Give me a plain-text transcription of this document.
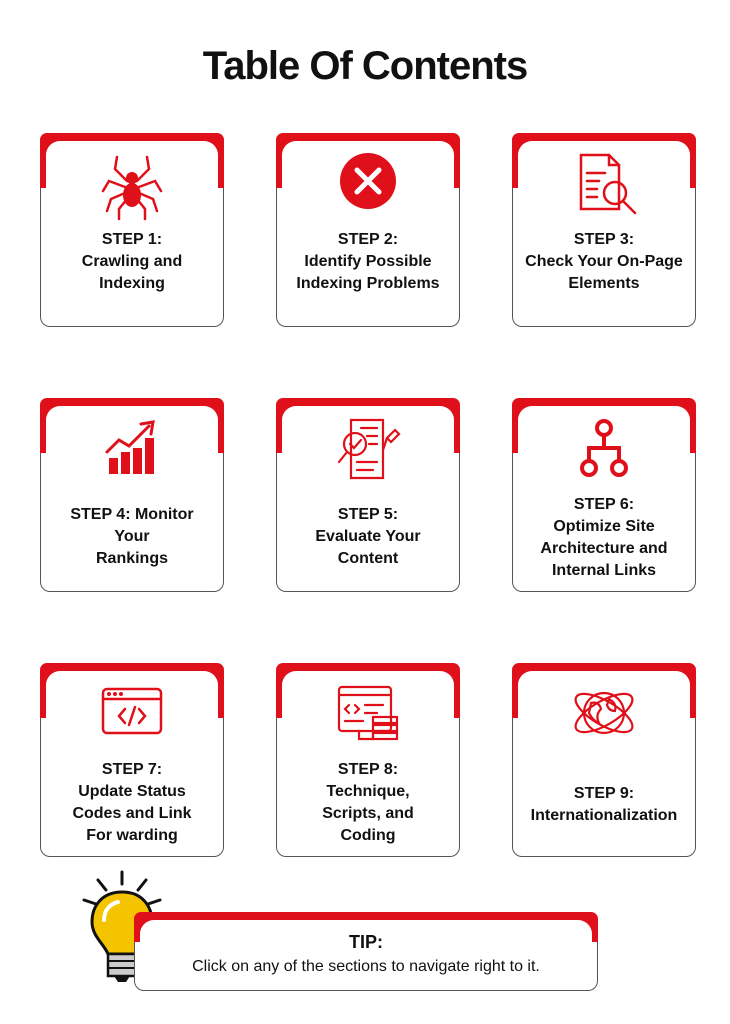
Table Of Contents
STEP 1:
Crawling and
Indexing
STEP 2:
Identify Possible
Indexing Problems
STEP 3:
Check Your On-Page
Elements
STEP 4: Monitor
Your
Rankings
STEP 5:
Evaluate Your
Content
STEP 6:
Optimize Site
Architecture and
Internal Links
STEP 7:
Update Status
Codes and Link
For warding
STEP 8:
Technique,
Scripts, and
Coding
STEP 9:
Internationalization
TIP:
Click on any of the sections to navigate right to it.
